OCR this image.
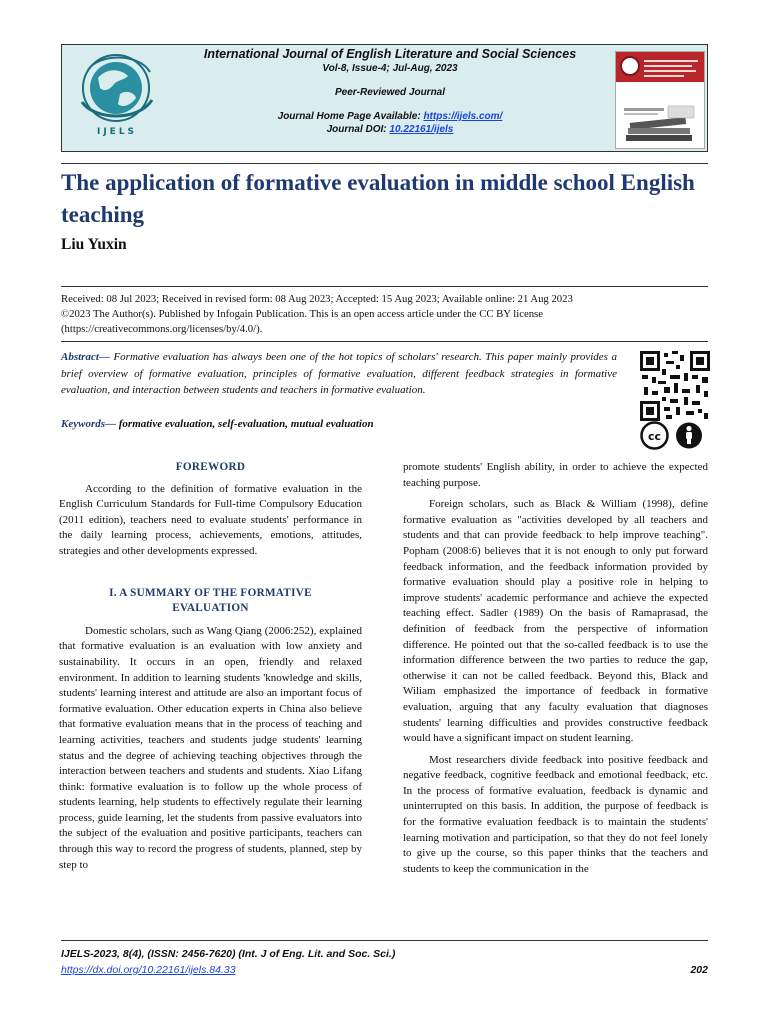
IJELS
International Journal of English Literature and Social Sciences
Vol-8, Issue-4; Jul-Aug, 2023
Peer-Reviewed Journal
Journal Home Page Available: https://ijels.com/
Journal DOI: 10.22161/ijels
The application of formative evaluation in middle school English teaching
Liu Yuxin
Received: 08 Jul 2023; Received in revised form: 08 Aug 2023; Accepted: 15 Aug 2023; Available online: 21 Aug 2023
©2023 The Author(s). Published by Infogain Publication. This is an open access article under the CC BY license
(https://creativecommons.org/licenses/by/4.0/).
Abstract— Formative evaluation has always been one of the hot topics of scholars' research. This paper mainly provides a brief overview of formative evaluation, principles of formative evaluation, different feedback strategies in formative evaluation, and interaction between students and teachers in formative evaluation.
Keywords— formative evaluation, self-evaluation, mutual evaluation
cc

FOREWORD

According to the definition of formative evaluation in the English Curriculum Standards for Full-time Compulsory Education (2011 edition), teachers need to evaluate students' performance in the daily learning process, achievements, emotions, attitudes, strategies and other developments expressed.

I. A SUMMARY OF THE FORMATIVE

EVALUATION

Domestic scholars, such as Wang Qiang (2006:252), explained that formative evaluation is an evaluation with low anxiety and sustainability. It occurs in an open, friendly and relaxed environment. In addition to learning students 'knowledge and skills, students' learning interest and attitude are also an important focus of formative evaluation. Other education experts in China also believe that formative evaluation means that in the process of teaching and learning activities, teachers and students judge students' learning status and the degree of achieving teaching objectives through the interaction between teachers and students and students. Xiao Lifang think: formative evaluation is to follow up the whole process of students learning, help students to effectively regulate their learning process, guide learning, let the students from passive evaluators into the subject of the evaluation and positive participants, teachers can through this way to record the progress of students, planned, step by step to

promote students' English ability, in order to achieve the expected teaching purpose.

Foreign scholars, such as Black & William (1998), define formative evaluation as "activities developed by all teachers and students and that can provide feedback to help improve teaching". Popham (2008:6) believes that it is not enough to only put forward feedback information, and the feedback information provided by formative evaluation should play a positive role in helping to improve students' academic performance and achieve the expected teaching effect. Sadler (1989) On the basis of Ramaprasad, the definition of feedback from the perspective of information difference. He pointed out that the so-called feedback is to use the information difference between the two parties to reduce the gap, otherwise it can not be called feedback. Beyond this, Black and Wiliam emphasized the importance of feedback in formative evaluation, arguing that any faculty evaluation that diagnoses students' learning difficulties and provides constructive feedback would have a significant impact on student learning.

Most researchers divide feedback into positive feedback and negative feedback, cognitive feedback and emotional feedback, etc. In the process of formative evaluation, feedback is dynamic and uninterrupted on this basis. In addition, the purpose of feedback is for the formative evaluation feedback is to maintain the students' learning motivation and participation, so that they do not feel lonely to give up the course, so this paper thinks that the teachers and students to keep the communication in the

IJELS-2023, 8(4), (ISSN: 2456-7620) (Int. J of Eng. Lit. and Soc. Sci.)
https://dx.doi.org/10.22161/ijels.84.33	202
